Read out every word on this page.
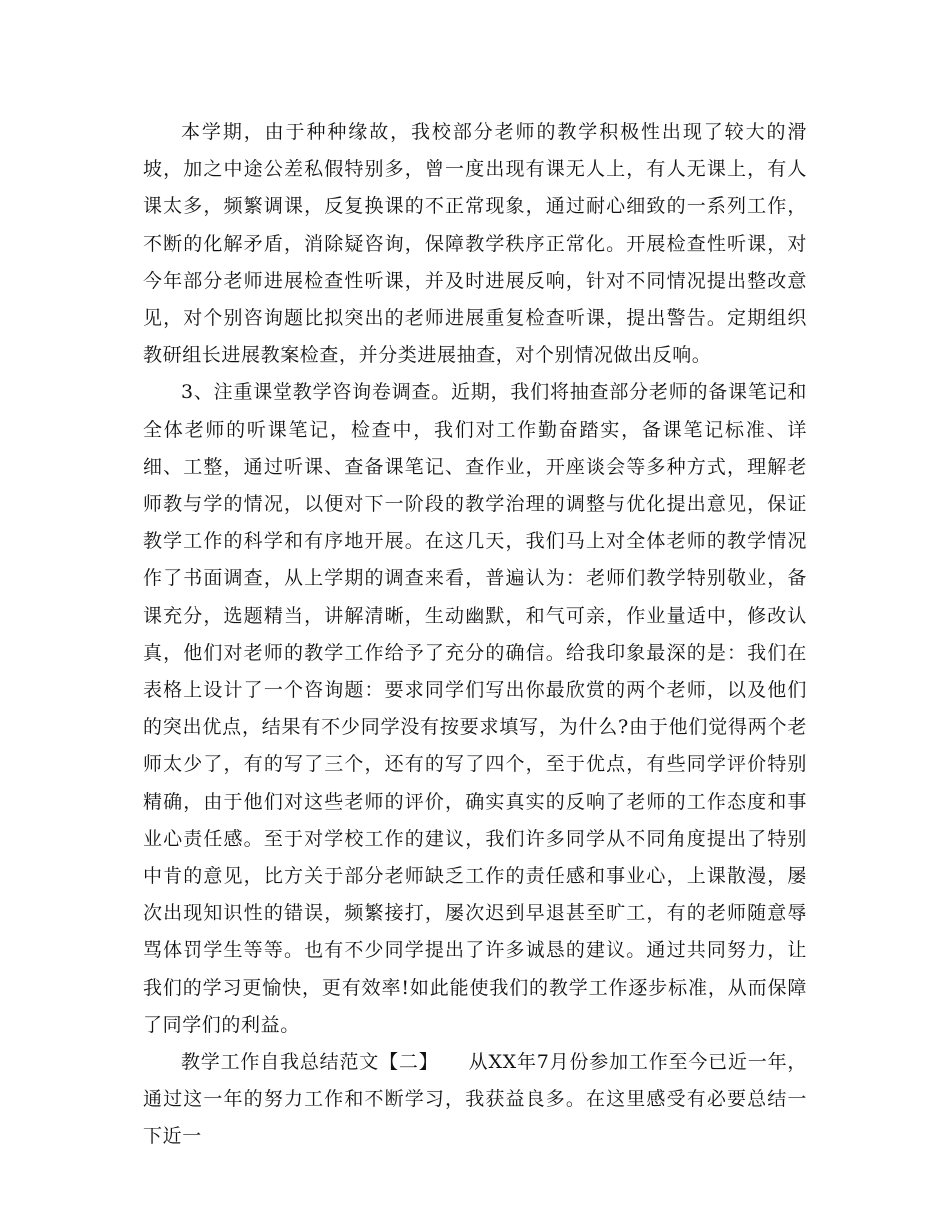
本学期，由于种种缘故，我校部分老师的教学积极性出现了较大的滑坡，加之中途公差私假特别多，曾一度出现有课无人上，有人无课上，有人课太多，频繁调课，反复换课的不正常现象，通过耐心细致的一系列工作，不断的化解矛盾，消除疑咨询，保障教学秩序正常化。开展检查性听课，对今年部分老师进展检查性听课，并及时进展反响，针对不同情况提出整改意见，对个别咨询题比拟突出的老师进展重复检查听课，提出警告。定期组织教研组长进展教案检查，并分类进展抽查，对个别情况做出反响。

3、注重课堂教学咨询卷调查。近期，我们将抽查部分老师的备课笔记和全体老师的听课笔记，检查中，我们对工作勤奋踏实，备课笔记标准、详细、工整，通过听课、查备课笔记、查作业，开座谈会等多种方式，理解老师教与学的情况，以便对下一阶段的教学治理的调整与优化提出意见，保证教学工作的科学和有序地开展。在这几天，我们马上对全体老师的教学情况作了书面调查，从上学期的调查来看，普遍认为：老师们教学特别敬业，备课充分，选题精当，讲解清晰，生动幽默，和气可亲，作业量适中，修改认真，他们对老师的教学工作给予了充分的确信。给我印象最深的是：我们在表格上设计了一个咨询题：要求同学们写出你最欣赏的两个老师，以及他们的突出优点，结果有不少同学没有按要求填写，为什么?由于他们觉得两个老师太少了，有的写了三个，还有的写了四个，至于优点，有些同学评价特别精确，由于他们对这些老师的评价，确实真实的反响了老师的工作态度和事业心责任感。至于对学校工作的建议，我们许多同学从不同角度提出了特别中肯的意见，比方关于部分老师缺乏工作的责任感和事业心，上课散漫，屡次出现知识性的错误，频繁接打，屡次迟到早退甚至旷工，有的老师随意辱骂体罚学生等等。也有不少同学提出了许多诚恳的建议。通过共同努力，让我们的学习更愉快，更有效率!如此能使我们的教学工作逐步标准，从而保障了同学们的利益。

教学工作自我总结范文【二】　　从XX年7月份参加工作至今已近一年，通过这一年的努力工作和不断学习，我获益良多。在这里感受有必要总结一下近一
